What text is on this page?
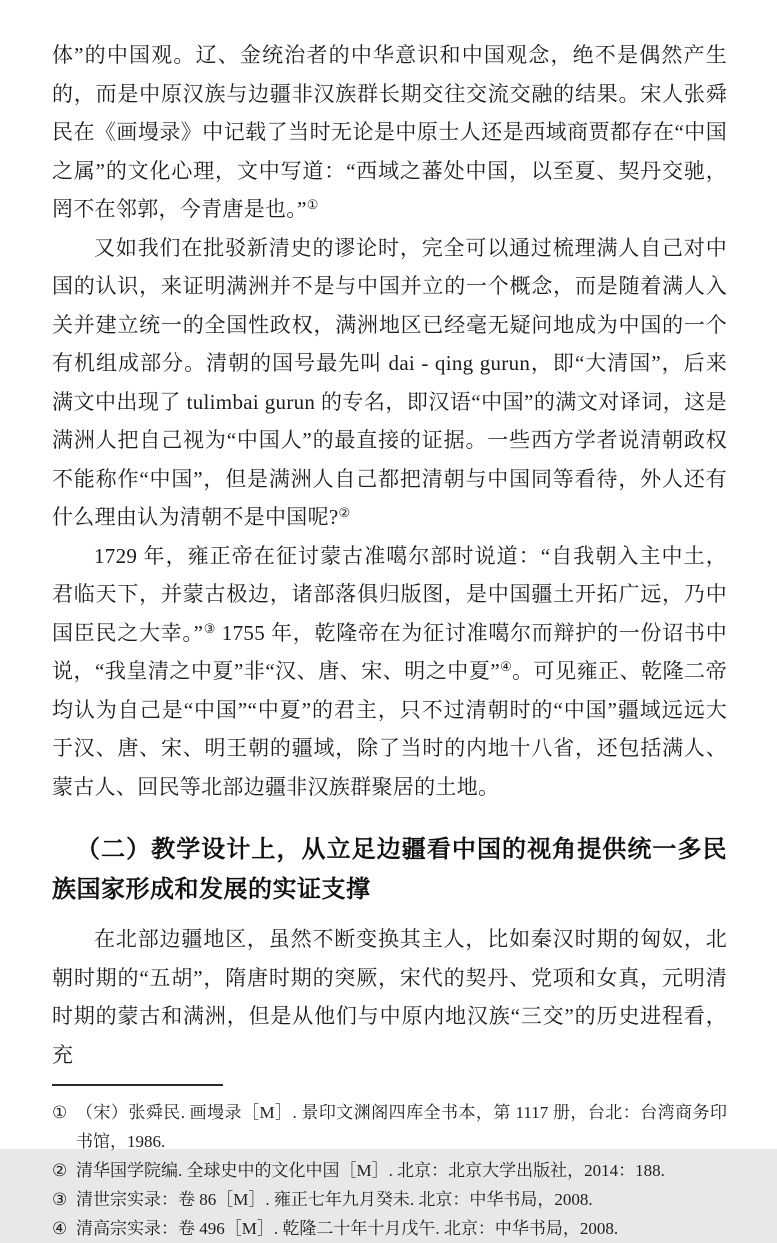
体”的中国观。辽、金统治者的中华意识和中国观念，绝不是偶然产生的，而是中原汉族与边疆非汉族群长期交往交流交融的结果。宋人张舜民在《画墁录》中记载了当时无论是中原士人还是西域商贾都存在“中国之属”的文化心理，文中写道：“西域之蕃处中国，以至夏、契丹交驰，罔不在邻郭，今青唐是也。”①

又如我们在批驳新清史的谬论时，完全可以通过梳理满人自己对中国的认识，来证明满洲并不是与中国并立的一个概念，而是随着满人入关并建立统一的全国性政权，满洲地区已经毫无疑问地成为中国的一个有机组成部分。清朝的国号最先叫 dai - qing gurun，即“大清国”，后来满文中出现了 tulimbai gurun 的专名，即汉语“中国”的满文对译词，这是满洲人把自己视为“中国人”的最直接的证据。一些西方学者说清朝政权不能称作“中国”，但是满洲人自己都把清朝与中国同等看待，外人还有什么理由认为清朝不是中国呢?②

1729 年，雍正帝在征讨蒙古准噶尔部时说道：“自我朝入主中土，君临天下，并蒙古极边，诸部落俱归版图，是中国疆土开拓广远，乃中国臣民之大幸。”③ 1755 年，乾隆帝在为征讨准噶尔而辩护的一份诏书中说，“我皇清之中夏”非“汉、唐、宋、明之中夏”④。可见雍正、乾隆二帝均认为自己是“中国”“中夏”的君主，只不过清朝时的“中国”疆域远远大于汉、唐、宋、明王朝的疆域，除了当时的内地十八省，还包括满人、蒙古人、回民等北部边疆非汉族群聚居的土地。

（二）教学设计上，从立足边疆看中国的视角提供统一多民族国家形成和发展的实证支撑

在北部边疆地区，虽然不断变换其主人，比如秦汉时期的匈奴，北朝时期的“五胡”，隋唐时期的突厥，宋代的契丹、党项和女真，元明清时期的蒙古和满洲，但是从他们与中原内地汉族“三交”的历史进程看，充

① （宋）张舜民. 画墁录［M］. 景印文渊阁四库全书本，第 1117 册，台北：台湾商务印书馆，1986.
② 清华国学院编. 全球史中的文化中国［M］. 北京：北京大学出版社，2014：188.
③ 清世宗实录：卷 86［M］. 雍正七年九月癸未. 北京：中华书局，2008.
④ 清高宗实录：卷 496［M］. 乾隆二十年十月戊午. 北京：中华书局，2008.
